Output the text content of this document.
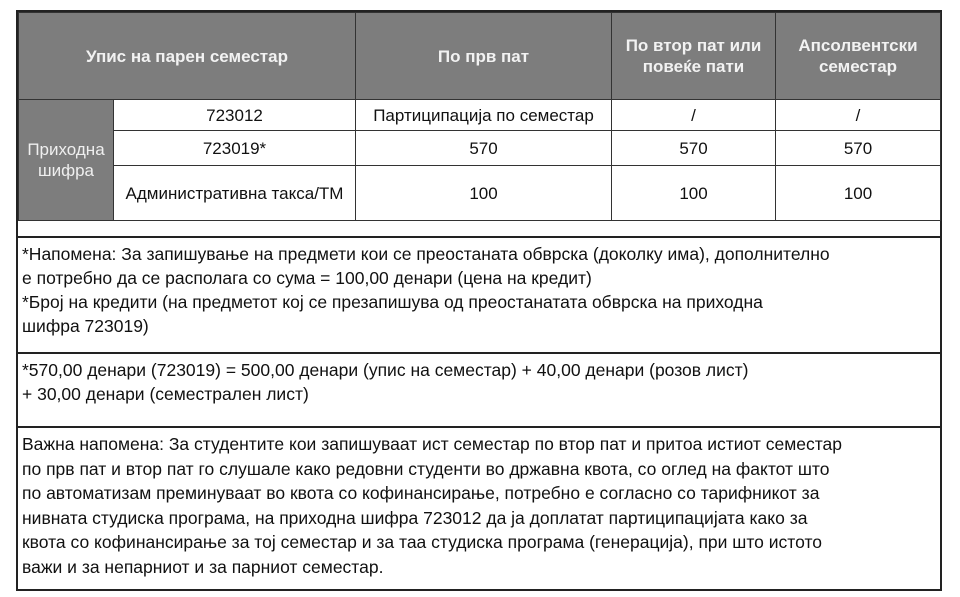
Упис на парен семестар		По прв пат	По втор пат или повеќе пати	Апсолвентски семестар
Приходна шифра	723012	Партиципација по семестар	/	/
	723019*	570	570	570
	Административна такса/ТМ	100	100	100
*Напомена: За запишување на предмети кои се преостаната обврска (доколку има), дополнително
е потребно да се располага со сума = 100,00 денари (цена на кредит)
*Број на кредити (на предметот кој се презапишува од преостанатата обврска на приходна
шифра 723019)
*570,00 денари (723019) = 500,00 денари (упис на семестар) + 40,00 денари (розов лист)
+ 30,00 денари (семестрален лист)
Важна напомена: За студентите кои запишуваат ист семестар по втор пат и притоа истиот семестар
по прв пат и втор пат го слушале како редовни студенти во државна квота, со оглед на фактот што
по автоматизам преминуваат во квота со кофинансирање, потребно е согласно со тарифникот за
нивната студиска програма, на приходна шифра 723012 да ја доплатат партиципацијата како за
квота со кофинансирање за тој семестар и за таа студиска програма (генерација), при што истото
важи и за непарниот и за парниот семестар.
